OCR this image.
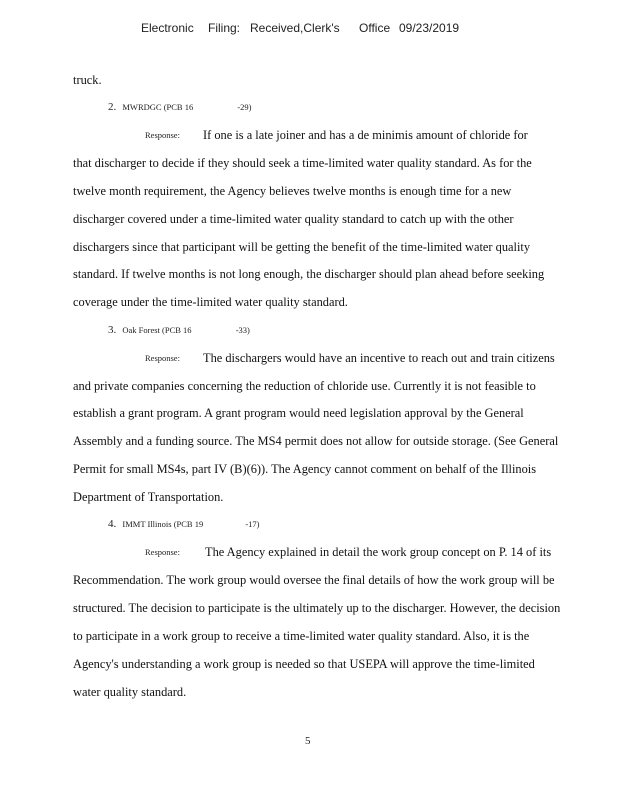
Electronic Filing: Received,Clerk's Office 09/23/2019
truck.
2. MWRDGC (PCB 16	-29)
Response: If one is a late joiner and has a de minimis amount of chloride for
that discharger to decide if they should seek a time-limited water quality standard. As for the
twelve month requirement, the Agency believes twelve months is enough time for a new
discharger covered under a time-limited water quality standard to catch up with the other
dischargers since that participant will be getting the benefit of the time-limited water quality
standard. If twelve months is not long enough, the discharger should plan ahead before seeking
coverage under the time-limited water quality standard.
3. Oak Forest (PCB 16	-33)
Response: The dischargers would have an incentive to reach out and train citizens
and private companies concerning the reduction of chloride use. Currently it is not feasible to
establish a grant program. A grant program would need legislation approval by the General
Assembly and a funding source. The MS4 permit does not allow for outside storage. (See General
Permit for small MS4s, part IV (B)(6)). The Agency cannot comment on behalf of the Illinois
Department of Transportation.
4. IMMT Illinois (PCB 19	-17)
Response: The Agency explained in detail the work group concept on P. 14 of its
Recommendation. The work group would oversee the final details of how the work group will be
structured. The decision to participate is the ultimately up to the discharger. However, the decision
to participate in a work group to receive a time-limited water quality standard. Also, it is the
Agency's understanding a work group is needed so that USEPA will approve the time-limited
water quality standard.
5
